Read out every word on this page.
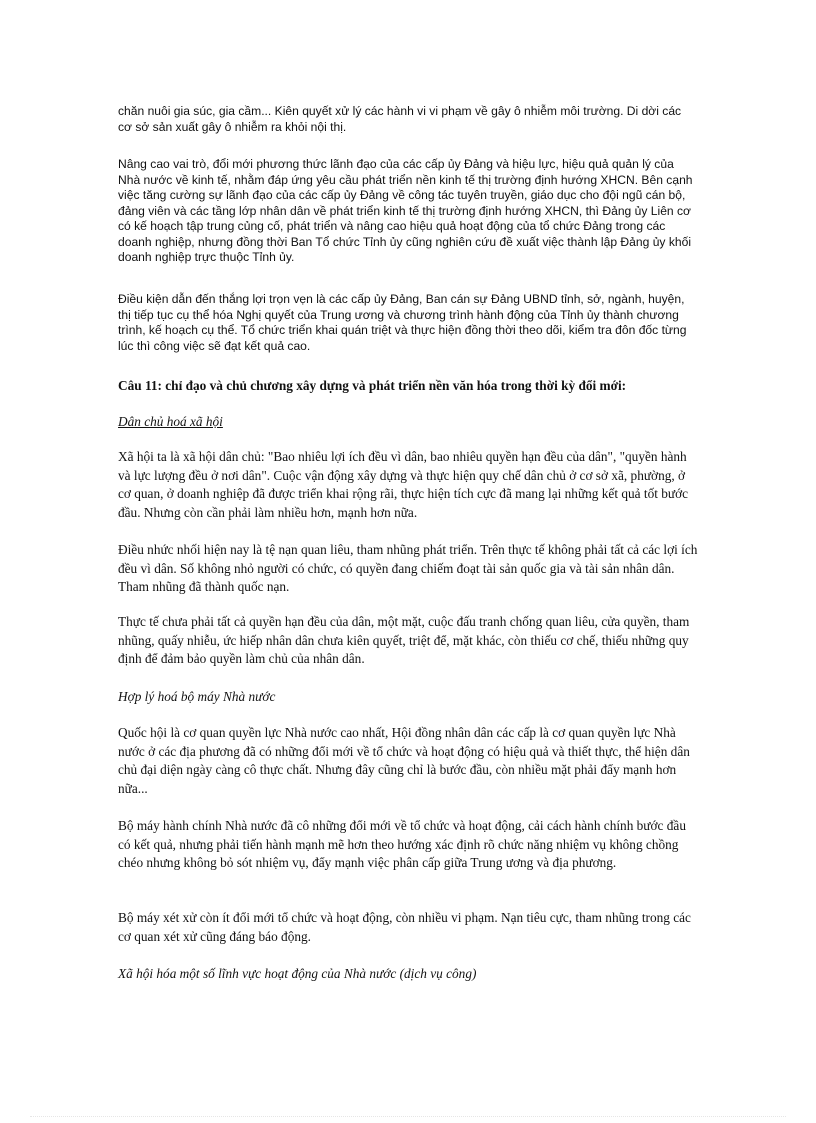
chăn nuôi gia súc, gia cầm... Kiên quyết xử lý các hành vi vi phạm về gây ô nhiễm môi trường. Di dời các cơ sở sản xuất gây ô nhiễm ra khỏi nội thị.
Nâng cao vai trò, đổi mới phương thức lãnh đạo của các cấp ủy Đảng và hiệu lực, hiệu quả quản lý của Nhà nước về kinh tế, nhằm đáp ứng yêu cầu phát triển nền kinh tế thị trường định hướng XHCN. Bên cạnh việc tăng cường sự lãnh đạo của các cấp ủy Đảng về công tác tuyên truyền, giáo dục cho đội ngũ cán bộ, đảng viên và các tầng lớp nhân dân về phát triển kinh tế thị trường định hướng XHCN, thì Đảng ủy Liên cơ có kế hoạch tập trung củng cố, phát triển và nâng cao hiệu quả hoạt động của tổ chức Đảng trong các doanh nghiệp, nhưng đồng thời Ban Tổ chức Tỉnh ủy cũng nghiên cứu đề xuất việc thành lập Đảng ủy khối doanh nghiệp trực thuộc Tỉnh ủy.
Điều kiện dẫn đến thắng lợi trọn vẹn là các cấp ủy Đảng, Ban cán sự Đảng UBND tỉnh, sở, ngành, huyện, thị tiếp tục cụ thể hóa Nghị quyết của Trung ương và chương trình hành động của Tỉnh ủy thành chương trình, kế hoạch cụ thể. Tổ chức triển khai quán triệt và thực hiện đồng thời theo dõi, kiểm tra đôn đốc từng lúc thì công việc sẽ đạt kết quả cao.
Câu 11: chỉ đạo và chủ chương xây dựng và phát triển nền văn hóa trong thời kỳ đổi mới:
Dân chủ hoá xã hội
Xã hội ta là xã hội dân chủ: "Bao nhiêu lợi ích đều vì dân, bao nhiêu quyền hạn đều của dân", "quyền hành và lực lượng đều ở nơi dân". Cuộc vận động xây dựng và thực hiện quy chế dân chủ ở cơ sở xã, phường, ở cơ quan, ở doanh nghiệp đã được triển khai rộng rãi, thực hiện tích cực đã mang lại những kết quả tốt bước đầu. Nhưng còn cần phải làm nhiều hơn, mạnh hơn nữa.
Điều nhức nhối hiện nay là tệ nạn quan liêu, tham nhũng phát triển. Trên thực tế không phải tất cả các lợi ích đều vì dân. Số không nhỏ người có chức, có quyền đang chiếm đoạt tài sản quốc gia và tài sản nhân dân. Tham nhũng đã thành quốc nạn.
Thực tế chưa phải tất cả quyền hạn đều của dân, một mặt, cuộc đấu tranh chống quan liêu, cửa quyền, tham nhũng, quấy nhiễu, ức hiếp nhân dân chưa kiên quyết, triệt để, mặt khác, còn thiếu cơ chế, thiếu những quy định để đảm bảo quyền làm chủ của nhân dân.
Hợp lý hoá bộ máy Nhà nước
Quốc hội là cơ quan quyền lực Nhà nước cao nhất, Hội đồng nhân dân các cấp là cơ quan quyền lực Nhà nước ở các địa phương đã có những đổi mới về tổ chức và hoạt động có hiệu quả và thiết thực, thể hiện dân chủ đại diện ngày càng cô thực chất. Nhưng đây cũng chỉ là bước đầu, còn nhiều mặt phải đẩy mạnh hơn nữa...
Bộ máy hành chính Nhà nước đã cô những đổi mới về tổ chức và hoạt động, cải cách hành chính bước đầu có kết quả, nhưng phải tiến hành mạnh mẽ hơn theo hướng xác định rõ chức năng nhiệm vụ không chồng chéo nhưng không bỏ sót nhiệm vụ, đẩy mạnh việc phân cấp giữa Trung ương và địa phương.
Bộ máy xét xử còn ít đổi mới tổ chức và hoạt động, còn nhiều vi phạm. Nạn tiêu cực, tham nhũng trong các cơ quan xét xử cũng đáng báo động.
Xã hội hóa một số lĩnh vực hoạt động của Nhà nước (dịch vụ công)
